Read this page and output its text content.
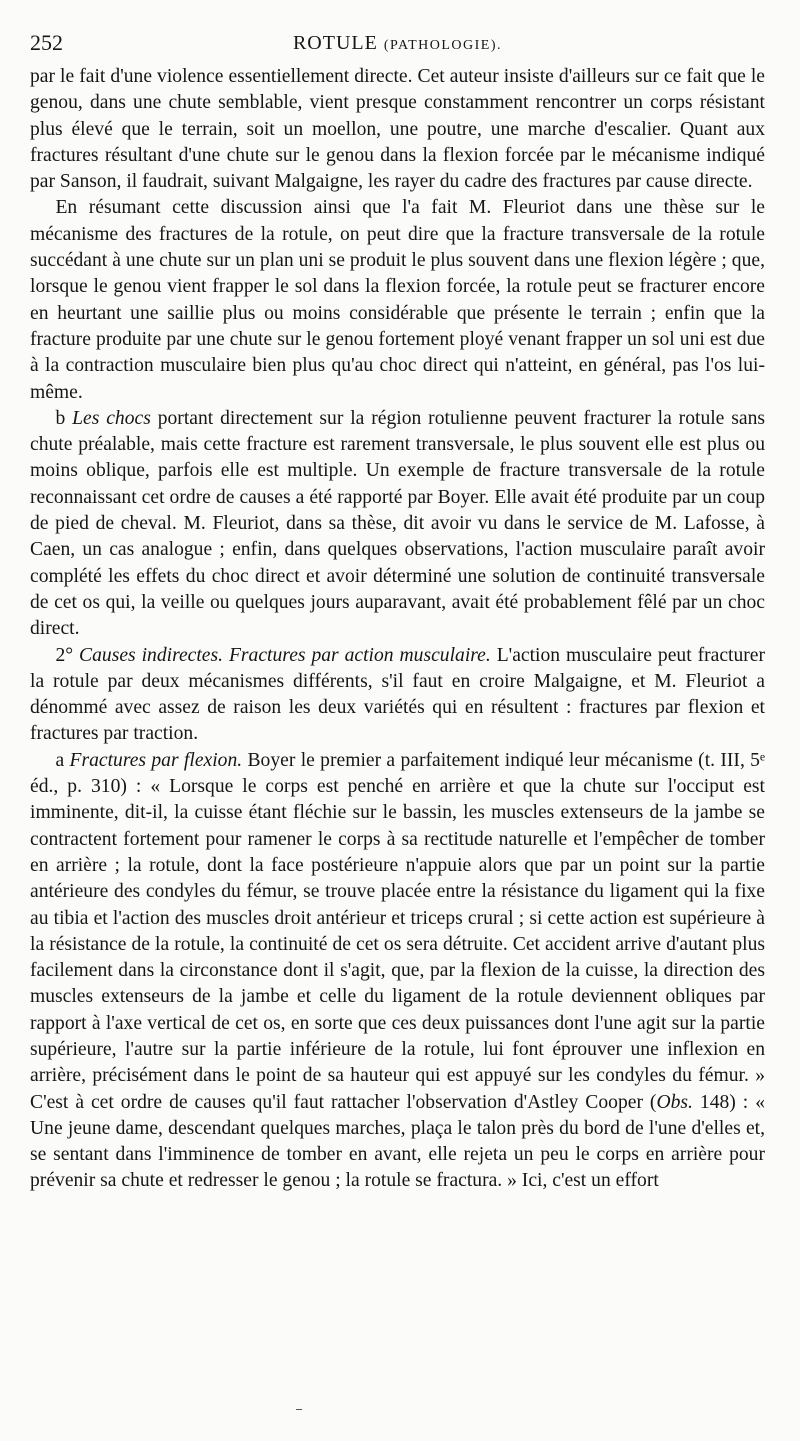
252	ROTULE (PATHOLOGIE).

par le fait d'une violence essentiellement directe. Cet auteur insiste d'ailleurs sur ce fait que le genou, dans une chute semblable, vient presque constamment rencontrer un corps résistant plus élevé que le terrain, soit un moellon, une poutre, une marche d'escalier. Quant aux fractures résultant d'une chute sur le genou dans la flexion forcée par le mécanisme indiqué par Sanson, il faudrait, suivant Malgaigne, les rayer du cadre des fractures par cause directe.

En résumant cette discussion ainsi que l'a fait M. Fleuriot dans une thèse sur le mécanisme des fractures de la rotule, on peut dire que la fracture transversale de la rotule succédant à une chute sur un plan uni se produit le plus souvent dans une flexion légère ; que, lorsque le genou vient frapper le sol dans la flexion forcée, la rotule peut se fracturer encore en heurtant une saillie plus ou moins considérable que présente le terrain ; enfin que la fracture produite par une chute sur le genou fortement ployé venant frapper un sol uni est due à la contraction musculaire bien plus qu'au choc direct qui n'atteint, en général, pas l'os lui-même.

b Les chocs portant directement sur la région rotulienne peuvent fracturer la rotule sans chute préalable, mais cette fracture est rarement transversale, le plus souvent elle est plus ou moins oblique, parfois elle est multiple. Un exemple de fracture transversale de la rotule reconnaissant cet ordre de causes a été rapporté par Boyer. Elle avait été produite par un coup de pied de cheval. M. Fleuriot, dans sa thèse, dit avoir vu dans le service de M. Lafosse, à Caen, un cas analogue ; enfin, dans quelques observations, l'action musculaire paraît avoir complété les effets du choc direct et avoir déterminé une solution de continuité transversale de cet os qui, la veille ou quelques jours auparavant, avait été probablement fêlé par un choc direct.

2° Causes indirectes. Fractures par action musculaire. L'action musculaire peut fracturer la rotule par deux mécanismes différents, s'il faut en croire Malgaigne, et M. Fleuriot a dénommé avec assez de raison les deux variétés qui en résultent : fractures par flexion et fractures par traction.

a Fractures par flexion. Boyer le premier a parfaitement indiqué leur mécanisme (t. III, 5ᵉ éd., p. 310) : « Lorsque le corps est penché en arrière et que la chute sur l'occiput est imminente, dit-il, la cuisse étant fléchie sur le bassin, les muscles extenseurs de la jambe se contractent fortement pour ramener le corps à sa rectitude naturelle et l'empêcher de tomber en arrière ; la rotule, dont la face postérieure n'appuie alors que par un point sur la partie antérieure des condyles du fémur, se trouve placée entre la résistance du ligament qui la fixe au tibia et l'action des muscles droit antérieur et triceps crural ; si cette action est supérieure à la résistance de la rotule, la continuité de cet os sera détruite. Cet accident arrive d'autant plus facilement dans la circonstance dont il s'agit, que, par la flexion de la cuisse, la direction des muscles extenseurs de la jambe et celle du ligament de la rotule deviennent obliques par rapport à l'axe vertical de cet os, en sorte que ces deux puissances dont l'une agit sur la partie supérieure, l'autre sur la partie inférieure de la rotule, lui font éprouver une inflexion en arrière, précisément dans le point de sa hauteur qui est appuyé sur les condyles du fémur. » C'est à cet ordre de causes qu'il faut rattacher l'observation d'Astley Cooper (Obs. 148) : « Une jeune dame, descendant quelques marches, plaça le talon près du bord de l'une d'elles et, se sentant dans l'imminence de tomber en avant, elle rejeta un peu le corps en arrière pour prévenir sa chute et redresser le genou ; la rotule se fractura. » Ici, c'est un effort
